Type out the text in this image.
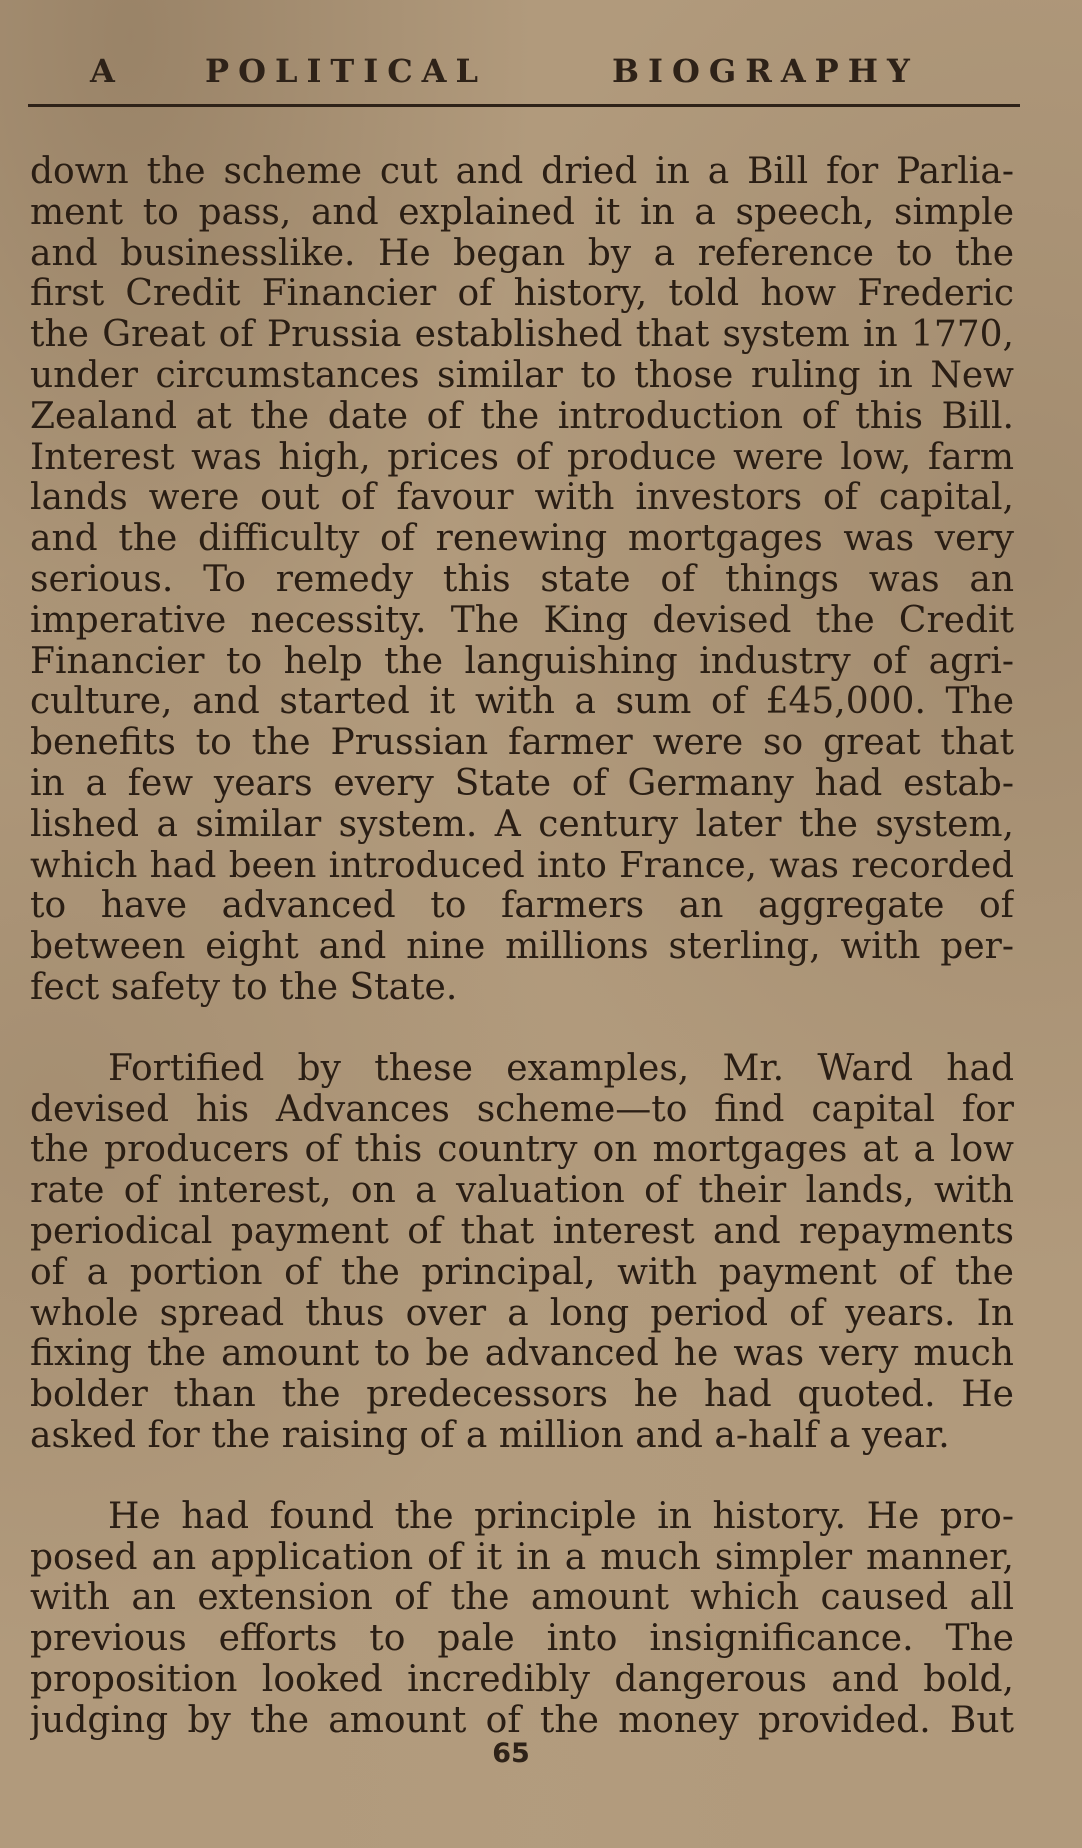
A	POLITICAL	BIOGRAPHY

down the scheme cut and dried in a Bill for Parlia-
ment to pass, and explained it in a speech, simple
and businesslike. He began by a reference to the
first Credit Financier of history, told how Frederic
the Great of Prussia established that system in 1770,
under circumstances similar to those ruling in New
Zealand at the date of the introduction of this Bill.
Interest was high, prices of produce were low, farm
lands were out of favour with investors of capital,
and the difficulty of renewing mortgages was very
serious. To remedy this state of things was an
imperative necessity. The King devised the Credit
Financier to help the languishing industry of agri-
culture, and started it with a sum of £45,000. The
benefits to the Prussian farmer were so great that
in a few years every State of Germany had estab-
lished a similar system. A century later the system,
which had been introduced into France, was recorded
to have advanced to farmers an aggregate of
between eight and nine millions sterling, with per-
fect safety to the State.

Fortified by these examples, Mr. Ward had
devised his Advances scheme—to find capital for
the producers of this country on mortgages at a low
rate of interest, on a valuation of their lands, with
periodical payment of that interest and repayments
of a portion of the principal, with payment of the
whole spread thus over a long period of years. In
fixing the amount to be advanced he was very much
bolder than the predecessors he had quoted. He
asked for the raising of a million and a-half a year.

He had found the principle in history. He pro-
posed an application of it in a much simpler manner,
with an extension of the amount which caused all
previous efforts to pale into insignificance. The
proposition looked incredibly dangerous and bold,
judging by the amount of the money provided. But

65
